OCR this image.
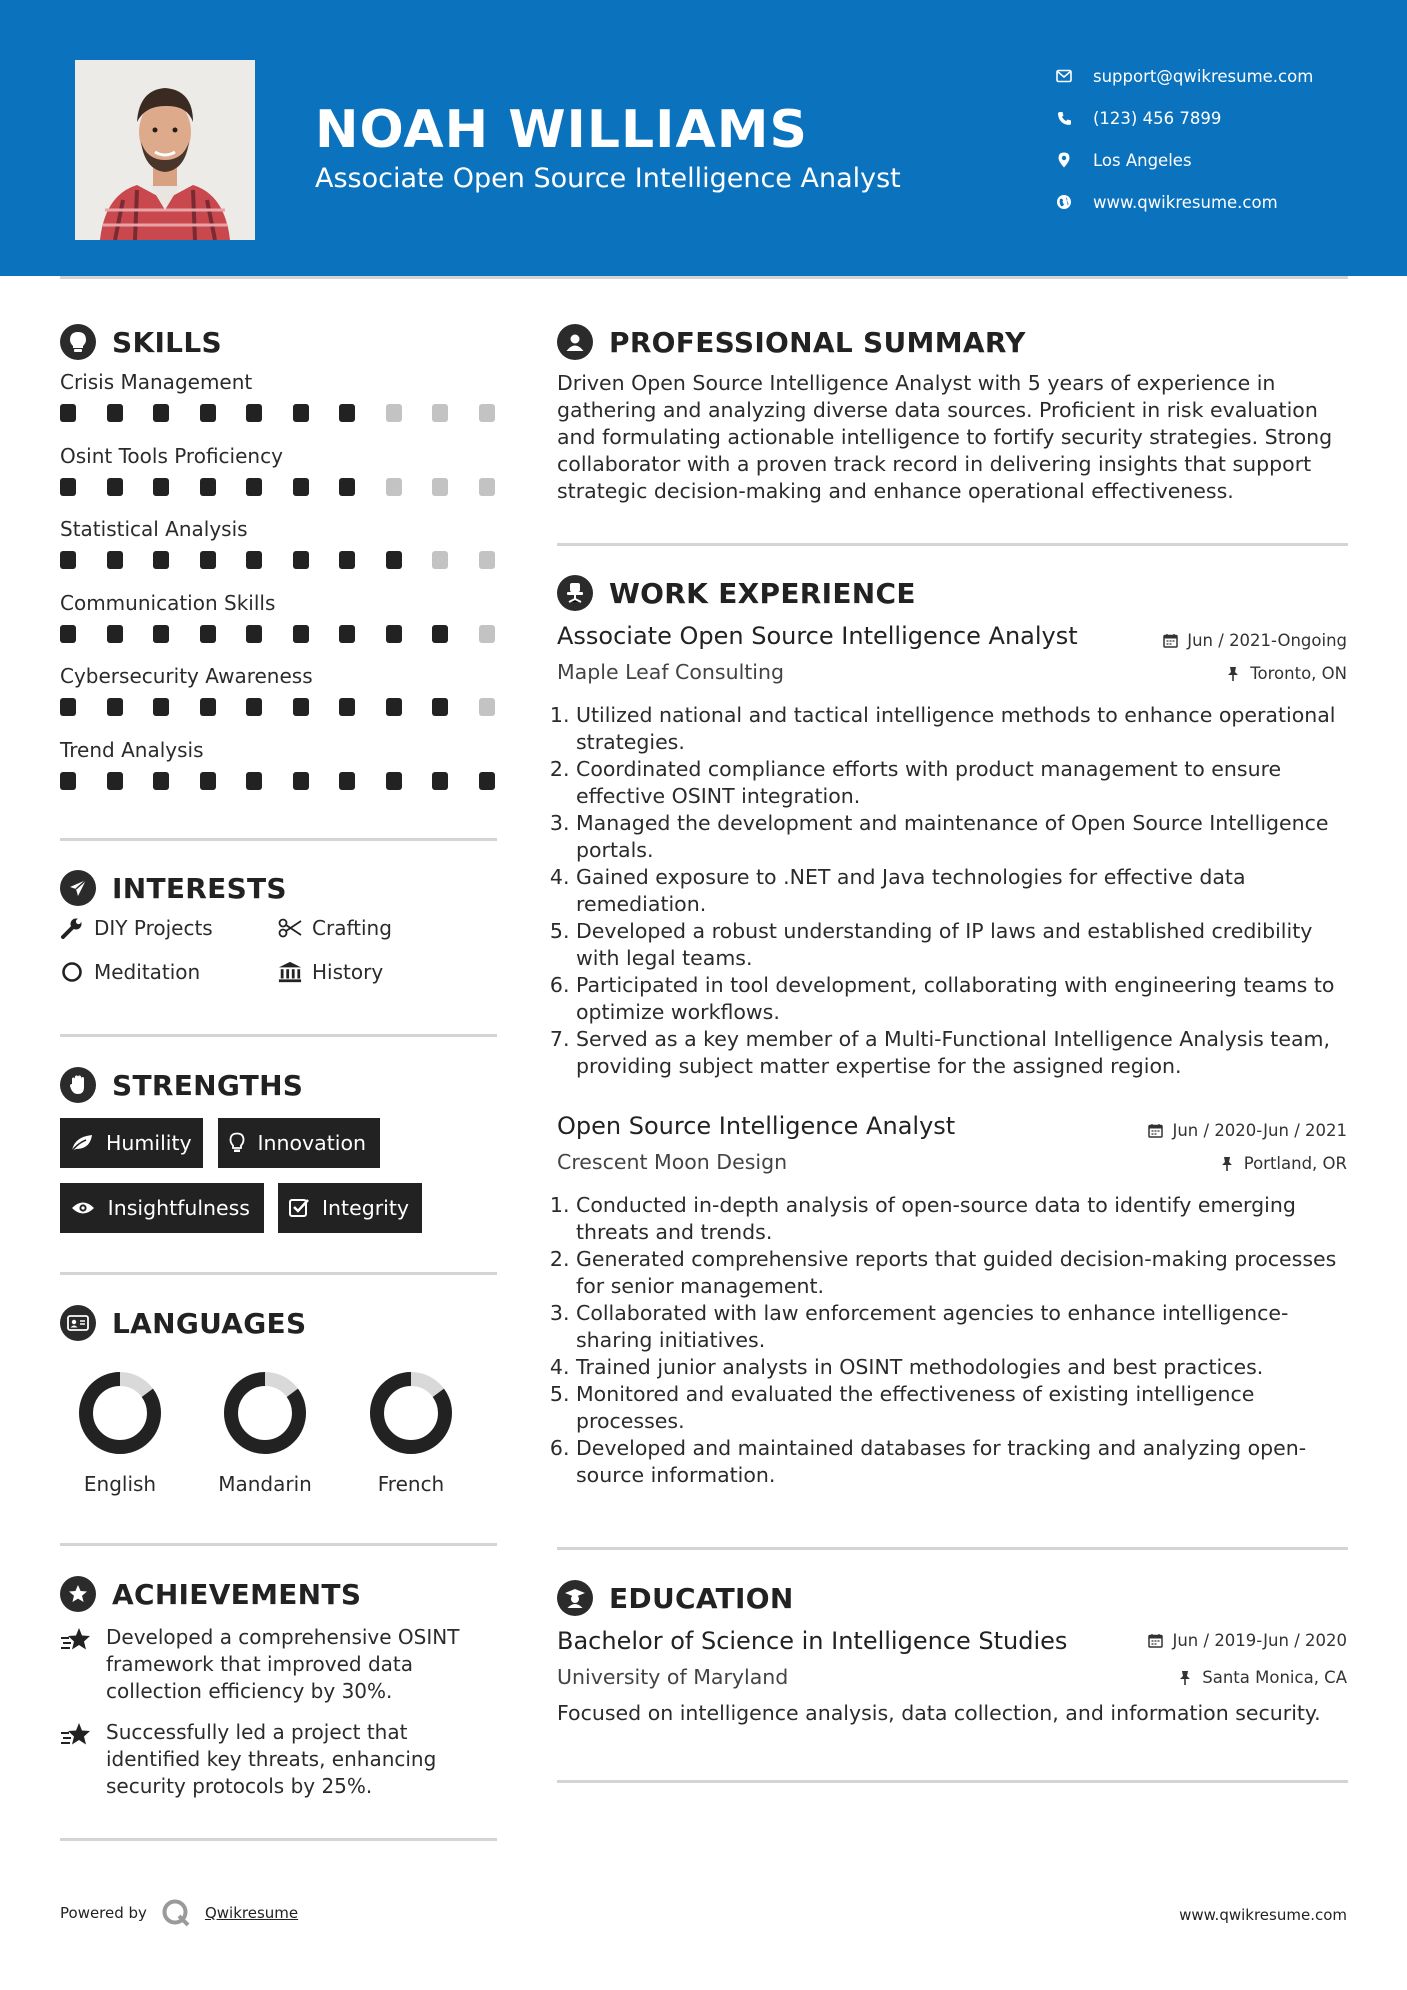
NOAH WILLIAMS
Associate Open Source Intelligence Analyst
support@qwikresume.com
(123) 456 7899
Los Angeles
www.qwikresume.com
SKILLS
Crisis Management
Osint Tools Proficiency
Statistical Analysis
Communication Skills
Cybersecurity Awareness
Trend Analysis
INTERESTS
DIY Projects	Crafting
Meditation	History
STRENGTHS
Humility	Innovation
Insightfulness	Integrity
LANGUAGES
English	Mandarin	French
ACHIEVEMENTS
Developed a comprehensive OSINT framework that improved data collection efficiency by 30%.
Successfully led a project that identified key threats, enhancing security protocols by 25%.
PROFESSIONAL SUMMARY
Driven Open Source Intelligence Analyst with 5 years of experience in gathering and analyzing diverse data sources. Proficient in risk evaluation and formulating actionable intelligence to fortify security strategies. Strong collaborator with a proven track record in delivering insights that support strategic decision-making and enhance operational effectiveness.
WORK EXPERIENCE
Associate Open Source Intelligence Analyst	Jun / 2021-Ongoing
Maple Leaf Consulting	Toronto, ON
1. Utilized national and tactical intelligence methods to enhance operational strategies.
2. Coordinated compliance efforts with product management to ensure effective OSINT integration.
3. Managed the development and maintenance of Open Source Intelligence portals.
4. Gained exposure to .NET and Java technologies for effective data remediation.
5. Developed a robust understanding of IP laws and established credibility with legal teams.
6. Participated in tool development, collaborating with engineering teams to optimize workflows.
7. Served as a key member of a Multi-Functional Intelligence Analysis team, providing subject matter expertise for the assigned region.
Open Source Intelligence Analyst	Jun / 2020-Jun / 2021
Crescent Moon Design	Portland, OR
1. Conducted in-depth analysis of open-source data to identify emerging threats and trends.
2. Generated comprehensive reports that guided decision-making processes for senior management.
3. Collaborated with law enforcement agencies to enhance intelligence-sharing initiatives.
4. Trained junior analysts in OSINT methodologies and best practices.
5. Monitored and evaluated the effectiveness of existing intelligence processes.
6. Developed and maintained databases for tracking and analyzing open-source information.
EDUCATION
Bachelor of Science in Intelligence Studies	Jun / 2019-Jun / 2020
University of Maryland	Santa Monica, CA
Focused on intelligence analysis, data collection, and information security.
Powered by	Qwikresume	www.qwikresume.com
